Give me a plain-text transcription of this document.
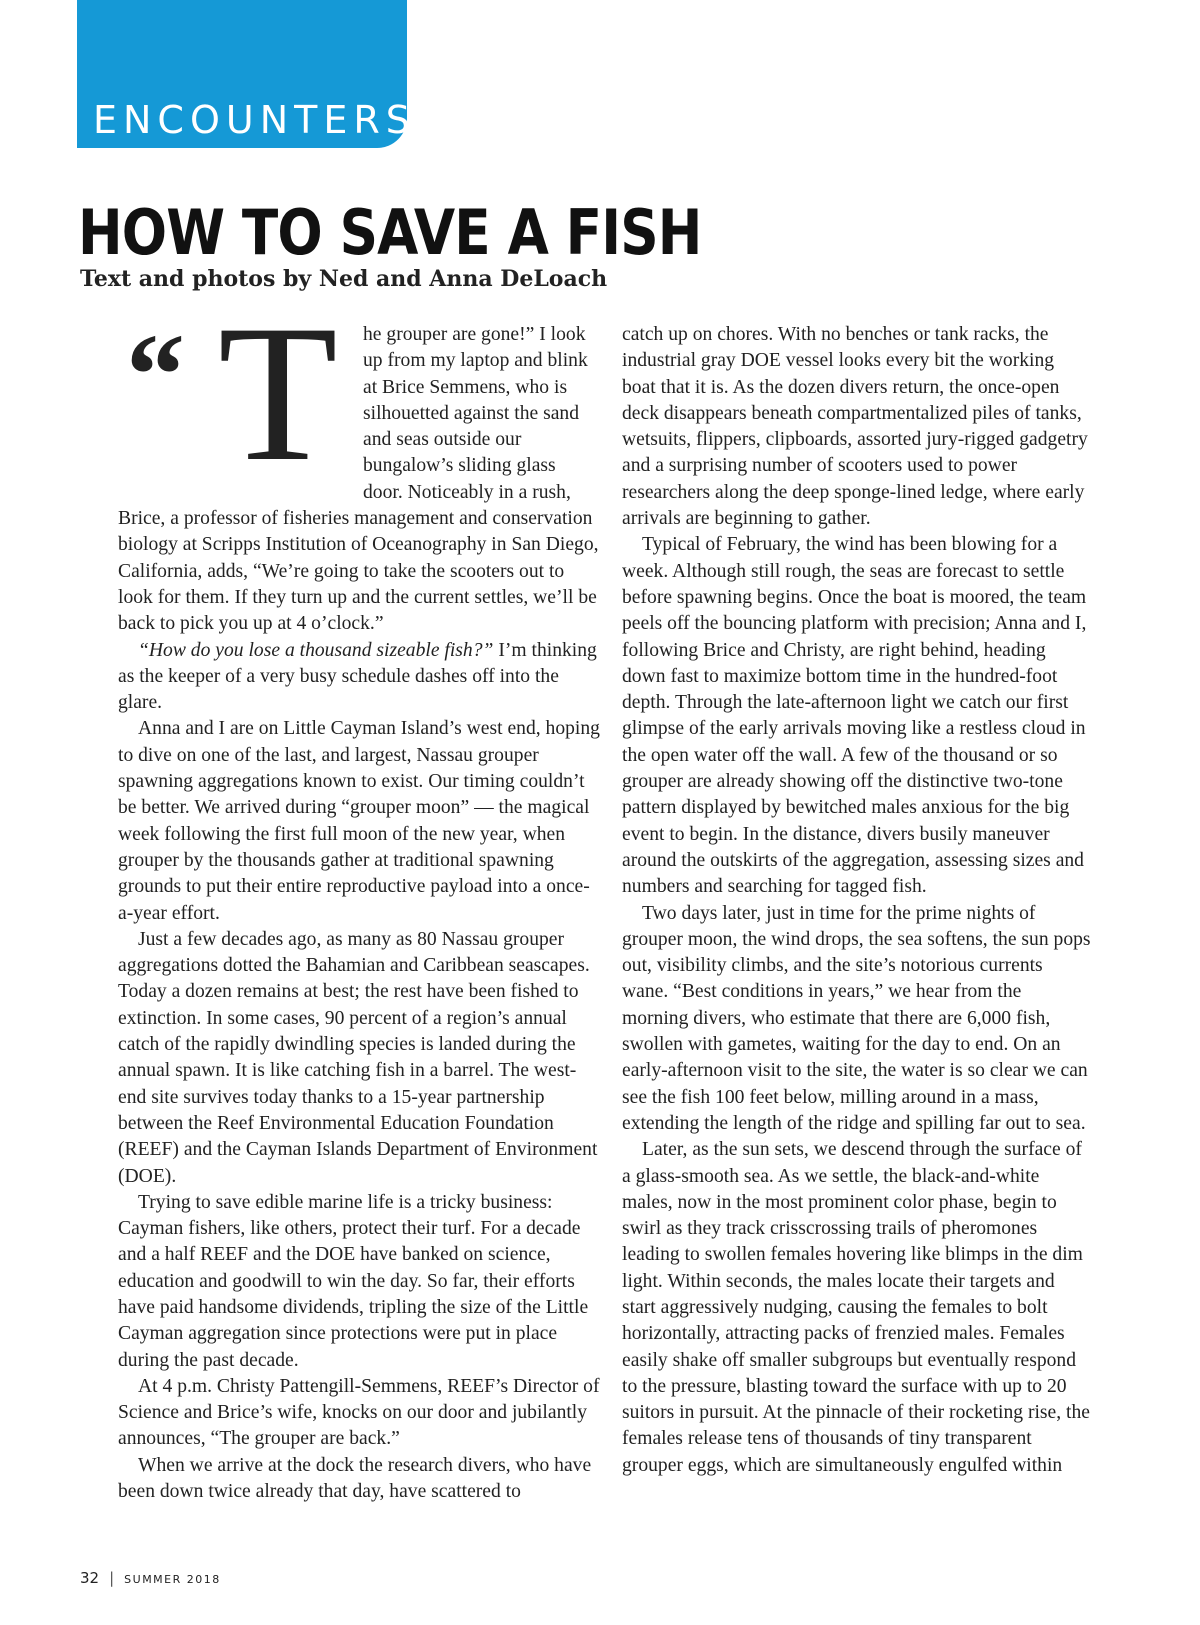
ENCOUNTERS
HOW TO SAVE A FISH

Text and photos by Ned and Anna DeLoach

“ T	he grouper are gone!” I look up from my laptop and blink at Brice Semmens, who is silhouetted against the sand and seas outside our bungalow’s sliding glass door. Noticeably in a rush, Brice, a professor of fisheries management and conservation biology at Scripps Institution of Oceanography in San Diego, California, adds, “We’re going to take the scooters out to look for them. If they turn up and the current settles, we’ll be back to pick you up at 4 o’clock.”

“How do you lose a thousand sizeable fish?” I’m thinking as the keeper of a very busy schedule dashes off into the glare.

Anna and I are on Little Cayman Island’s west end, hoping to dive on one of the last, and largest, Nassau grouper spawning aggregations known to exist. Our timing couldn’t be better. We arrived during “grouper moon” — the magical week following the first full moon of the new year, when grouper by the thousands gather at traditional spawning grounds to put their entire reproductive payload into a once-a-year effort.

Just a few decades ago, as many as 80 Nassau grouper aggregations dotted the Bahamian and Caribbean seascapes. Today a dozen remains at best; the rest have been fished to extinction. In some cases, 90 percent of a region’s annual catch of the rapidly dwindling species is landed during the annual spawn. It is like catching fish in a barrel. The west-end site survives today thanks to a 15-year partnership between the Reef Environmental Education Foundation (REEF) and the Cayman Islands Department of Environment (DOE).

Trying to save edible marine life is a tricky business: Cayman fishers, like others, protect their turf. For a decade and a half REEF and the DOE have banked on science, education and goodwill to win the day. So far, their efforts have paid handsome dividends, tripling the size of the Little Cayman aggregation since protections were put in place during the past decade.

At 4 p.m. Christy Pattengill-Semmens, REEF’s Director of Science and Brice’s wife, knocks on our door and jubilantly announces, “The grouper are back.”

When we arrive at the dock the research divers, who have been down twice already that day, have scattered to

catch up on chores. With no benches or tank racks, the industrial gray DOE vessel looks every bit the working boat that it is. As the dozen divers return, the once-open deck disappears beneath compartmentalized piles of tanks, wetsuits, flippers, clipboards, assorted jury-rigged gadgetry and a surprising number of scooters used to power researchers along the deep sponge-lined ledge, where early arrivals are beginning to gather.

Typical of February, the wind has been blowing for a week. Although still rough, the seas are forecast to settle before spawning begins. Once the boat is moored, the team peels off the bouncing platform with precision; Anna and I, following Brice and Christy, are right behind, heading down fast to maximize bottom time in the hundred-foot depth. Through the late-afternoon light we catch our first glimpse of the early arrivals moving like a restless cloud in the open water off the wall. A few of the thousand or so grouper are already showing off the distinctive two-tone pattern displayed by bewitched males anxious for the big event to begin. In the distance, divers busily maneuver around the outskirts of the aggregation, assessing sizes and numbers and searching for tagged fish.

Two days later, just in time for the prime nights of grouper moon, the wind drops, the sea softens, the sun pops out, visibility climbs, and the site’s notorious currents wane. “Best conditions in years,” we hear from the morning divers, who estimate that there are 6,000 fish, swollen with gametes, waiting for the day to end. On an early-afternoon visit to the site, the water is so clear we can see the fish 100 feet below, milling around in a mass, extending the length of the ridge and spilling far out to sea.

Later, as the sun sets, we descend through the surface of a glass-smooth sea. As we settle, the black-and-white males, now in the most prominent color phase, begin to swirl as they track crisscrossing trails of pheromones leading to swollen females hovering like blimps in the dim light. Within seconds, the males locate their targets and start aggressively nudging, causing the females to bolt horizontally, attracting packs of frenzied males. Females easily shake off smaller subgroups but eventually respond to the pressure, blasting toward the surface with up to 20 suitors in pursuit. At the pinnacle of their rocketing rise, the females release tens of thousands of tiny transparent grouper eggs, which are simultaneously engulfed within

32 | SUMMER 2018
